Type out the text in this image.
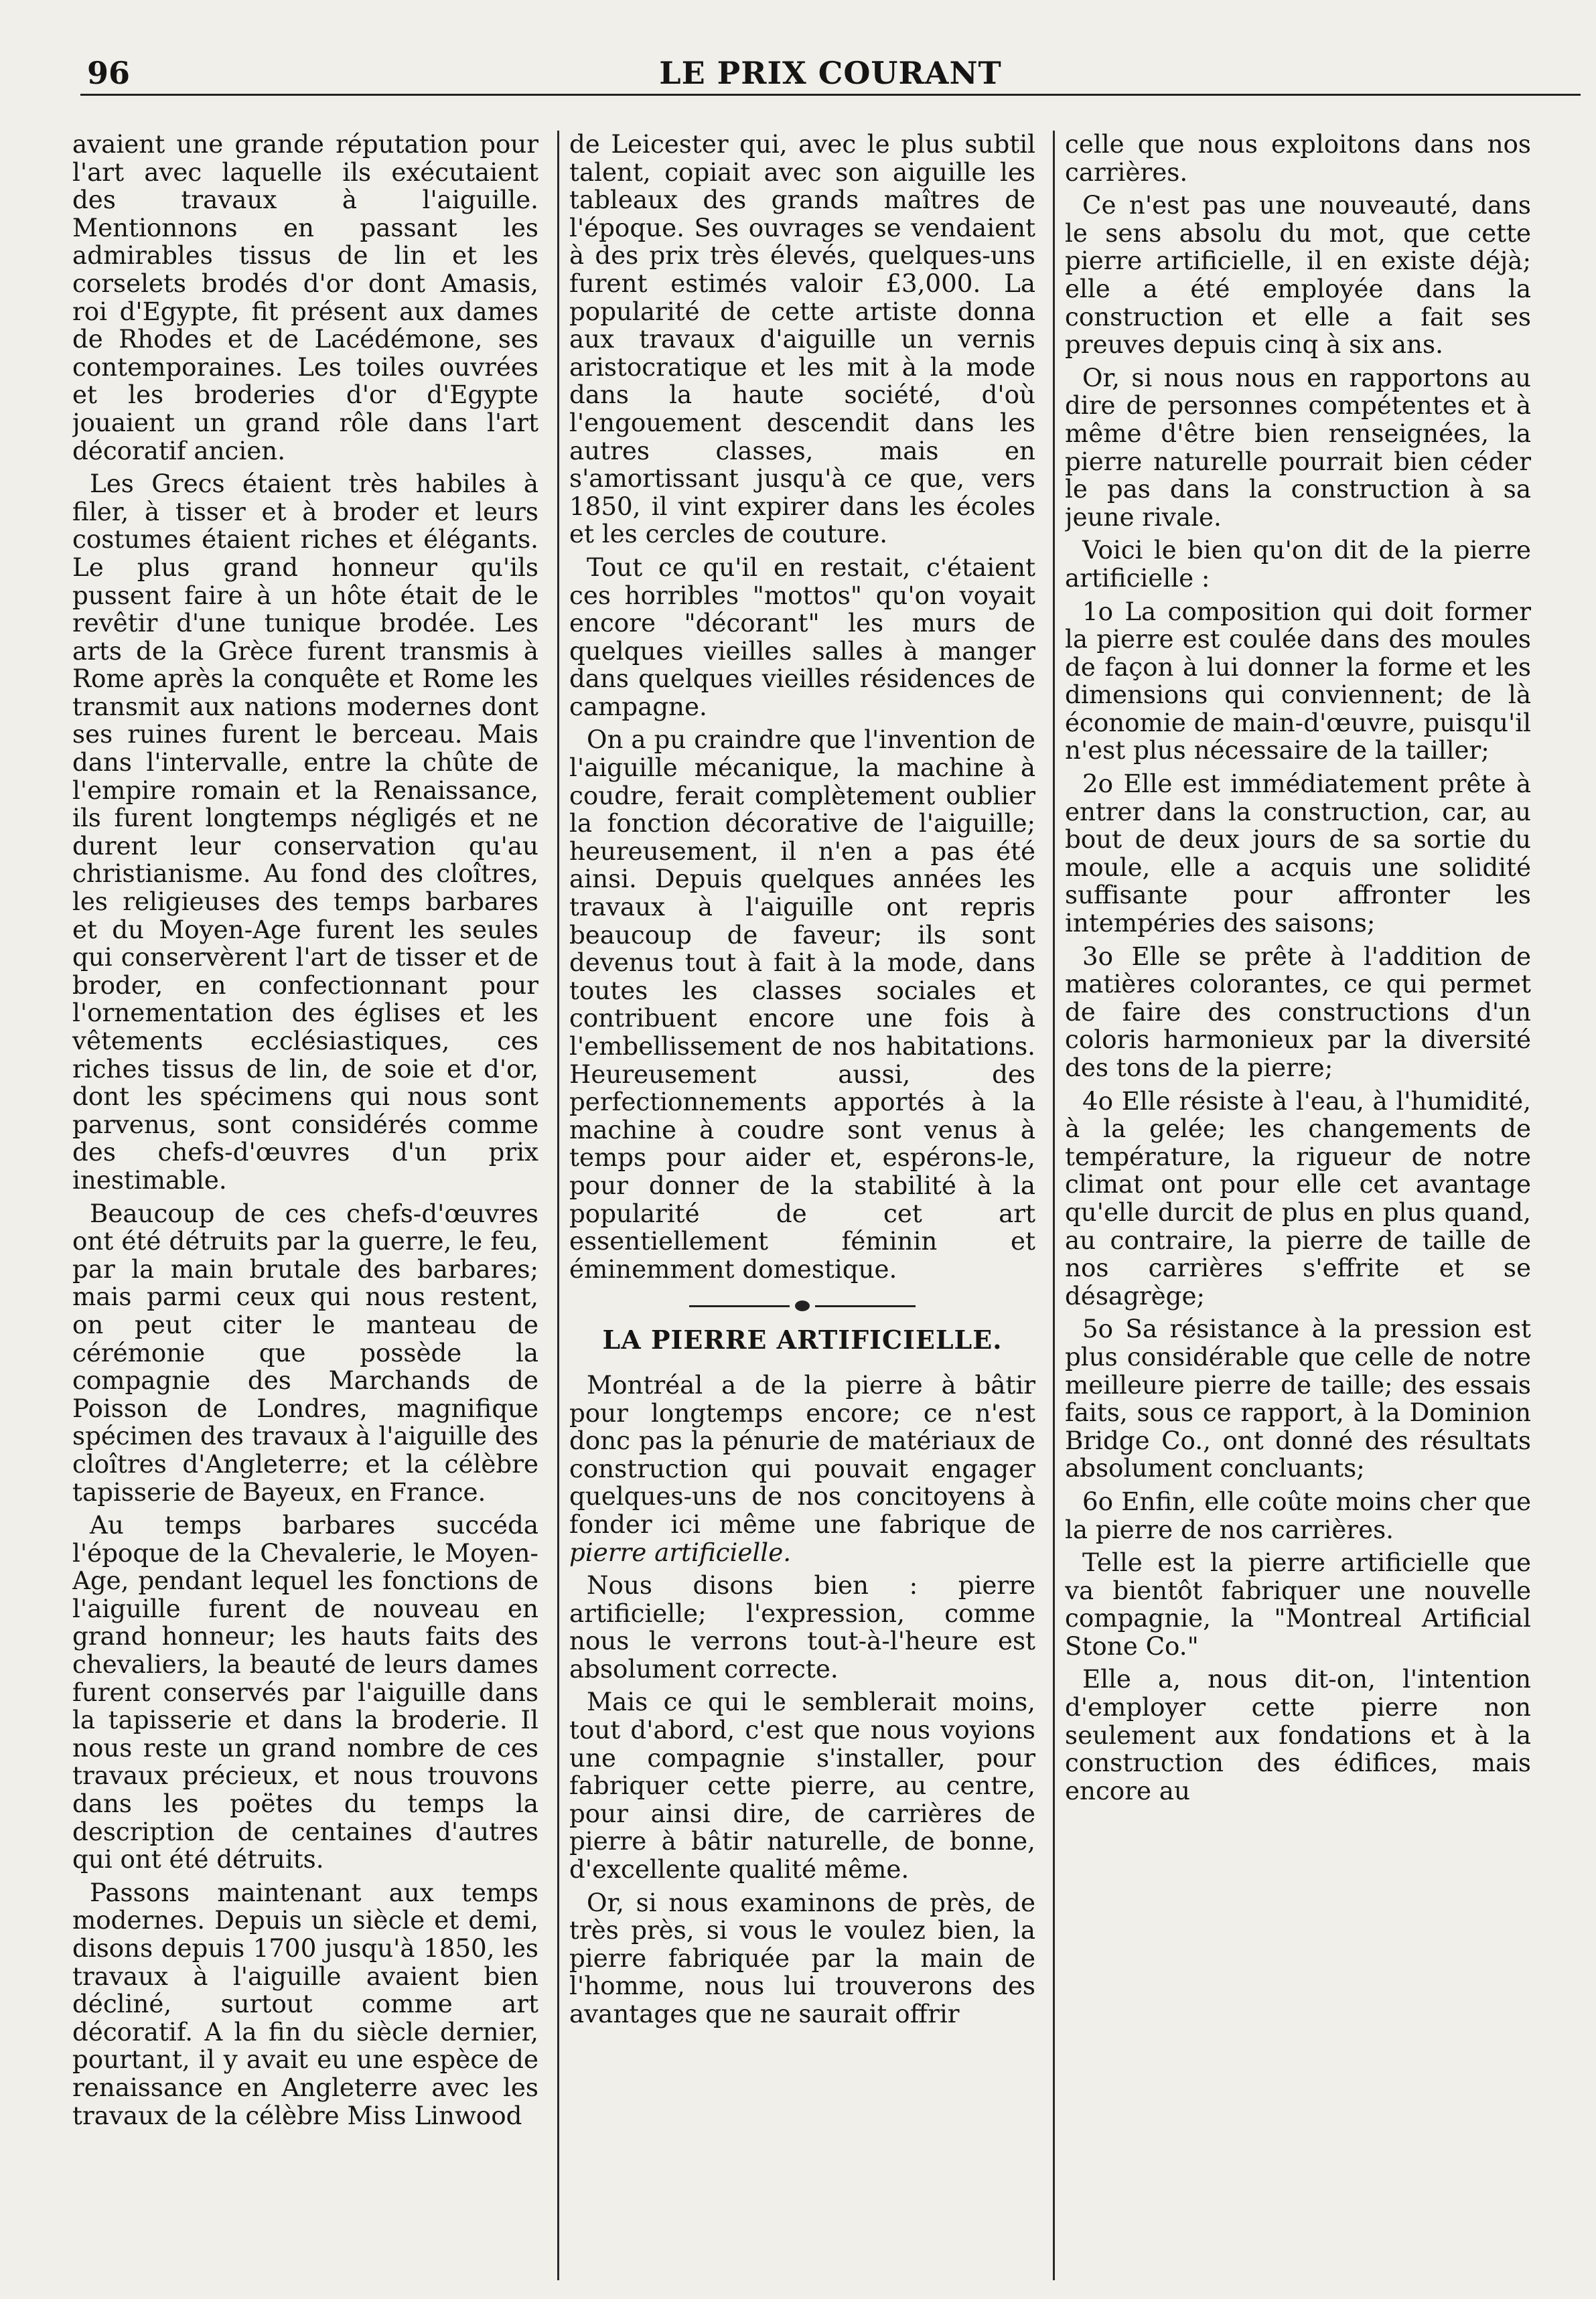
96	LE PRIX COURANT

avaient une grande réputation pour l'art avec laquelle ils exécutaient des travaux à l'aiguille. Mentionnons en passant les admirables tissus de lin et les corselets brodés d'or dont Amasis, roi d'Egypte, fit présent aux dames de Rhodes et de Lacédémone, ses contemporaines. Les toiles ouvrées et les broderies d'or d'Egypte jouaient un grand rôle dans l'art décoratif ancien.

Les Grecs étaient très habiles à filer, à tisser et à broder et leurs costumes étaient riches et élégants. Le plus grand honneur qu'ils pussent faire à un hôte était de le revêtir d'une tunique brodée. Les arts de la Grèce furent transmis à Rome après la conquête et Rome les transmit aux nations modernes dont ses ruines furent le berceau. Mais dans l'intervalle, entre la chûte de l'empire romain et la Renaissance, ils furent longtemps négligés et ne durent leur conservation qu'au christianisme. Au fond des cloîtres, les religieuses des temps barbares et du Moyen-Age furent les seules qui conservèrent l'art de tisser et de broder, en confectionnant pour l'ornementation des églises et les vêtements ecclésiastiques, ces riches tissus de lin, de soie et d'or, dont les spécimens qui nous sont parvenus, sont considérés comme des chefs-d'œuvres d'un prix inestimable.

Beaucoup de ces chefs-d'œuvres ont été détruits par la guerre, le feu, par la main brutale des barbares; mais parmi ceux qui nous restent, on peut citer le manteau de cérémonie que possède la compagnie des Marchands de Poisson de Londres, magnifique spécimen des travaux à l'aiguille des cloîtres d'Angleterre; et la célèbre tapisserie de Bayeux, en France.

Au temps barbares succéda l'époque de la Chevalerie, le Moyen-Age, pendant lequel les fonctions de l'aiguille furent de nouveau en grand honneur; les hauts faits des chevaliers, la beauté de leurs dames furent conservés par l'aiguille dans la tapisserie et dans la broderie. Il nous reste un grand nombre de ces travaux précieux, et nous trouvons dans les poëtes du temps la description de centaines d'autres qui ont été détruits.

Passons maintenant aux temps modernes. Depuis un siècle et demi, disons depuis 1700 jusqu'à 1850, les travaux à l'aiguille avaient bien décliné, surtout comme art décoratif. A la fin du siècle dernier, pourtant, il y avait eu une espèce de renaissance en Angleterre avec les travaux de la célèbre Miss Linwood

de Leicester qui, avec le plus subtil talent, copiait avec son aiguille les tableaux des grands maîtres de l'époque. Ses ouvrages se vendaient à des prix très élevés, quelques-uns furent estimés valoir £3,000. La popularité de cette artiste donna aux travaux d'aiguille un vernis aristocratique et les mit à la mode dans la haute société, d'où l'engouement descendit dans les autres classes, mais en s'amortissant jusqu'à ce que, vers 1850, il vint expirer dans les écoles et les cercles de couture.

Tout ce qu'il en restait, c'étaient ces horribles "mottos" qu'on voyait encore "décorant" les murs de quelques vieilles salles à manger dans quelques vieilles résidences de campagne.

On a pu craindre que l'invention de l'aiguille mécanique, la machine à coudre, ferait complètement oublier la fonction décorative de l'aiguille; heureusement, il n'en a pas été ainsi. Depuis quelques années les travaux à l'aiguille ont repris beaucoup de faveur; ils sont devenus tout à fait à la mode, dans toutes les classes sociales et contribuent encore une fois à l'embellissement de nos habitations. Heureusement aussi, des perfectionnements apportés à la machine à coudre sont venus à temps pour aider et, espérons-le, pour donner de la stabilité à la popularité de cet art essentiellement féminin et éminemment domestique.

LA PIERRE ARTIFICIELLE.

Montréal a de la pierre à bâtir pour longtemps encore; ce n'est donc pas la pénurie de matériaux de construction qui pouvait engager quelques-uns de nos concitoyens à fonder ici même une fabrique de pierre artificielle.

Nous disons bien : pierre artificielle; l'expression, comme nous le verrons tout-à-l'heure est absolument correcte.

Mais ce qui le semblerait moins, tout d'abord, c'est que nous voyions une compagnie s'installer, pour fabriquer cette pierre, au centre, pour ainsi dire, de carrières de pierre à bâtir naturelle, de bonne, d'excellente qualité même.

Or, si nous examinons de près, de très près, si vous le voulez bien, la pierre fabriquée par la main de l'homme, nous lui trouverons des avantages que ne saurait offrir

celle que nous exploitons dans nos carrières.

Ce n'est pas une nouveauté, dans le sens absolu du mot, que cette pierre artificielle, il en existe déjà; elle a été employée dans la construction et elle a fait ses preuves depuis cinq à six ans.

Or, si nous nous en rapportons au dire de personnes compétentes et à même d'être bien renseignées, la pierre naturelle pourrait bien céder le pas dans la construction à sa jeune rivale.

Voici le bien qu'on dit de la pierre artificielle :

1o La composition qui doit former la pierre est coulée dans des moules de façon à lui donner la forme et les dimensions qui conviennent; de là économie de main-d'œuvre, puisqu'il n'est plus nécessaire de la tailler;

2o Elle est immédiatement prête à entrer dans la construction, car, au bout de deux jours de sa sortie du moule, elle a acquis une solidité suffisante pour affronter les intempéries des saisons;

3o Elle se prête à l'addition de matières colorantes, ce qui permet de faire des constructions d'un coloris harmonieux par la diversité des tons de la pierre;

4o Elle résiste à l'eau, à l'humidité, à la gelée; les changements de température, la rigueur de notre climat ont pour elle cet avantage qu'elle durcit de plus en plus quand, au contraire, la pierre de taille de nos carrières s'effrite et se désagrège;

5o Sa résistance à la pression est plus considérable que celle de notre meilleure pierre de taille; des essais faits, sous ce rapport, à la Dominion Bridge Co., ont donné des résultats absolument concluants;

6o Enfin, elle coûte moins cher que la pierre de nos carrières.

Telle est la pierre artificielle que va bientôt fabriquer une nouvelle compagnie, la "Montreal Artificial Stone Co."

Elle a, nous dit-on, l'intention d'employer cette pierre non seulement aux fondations et à la construction des édifices, mais encore au
